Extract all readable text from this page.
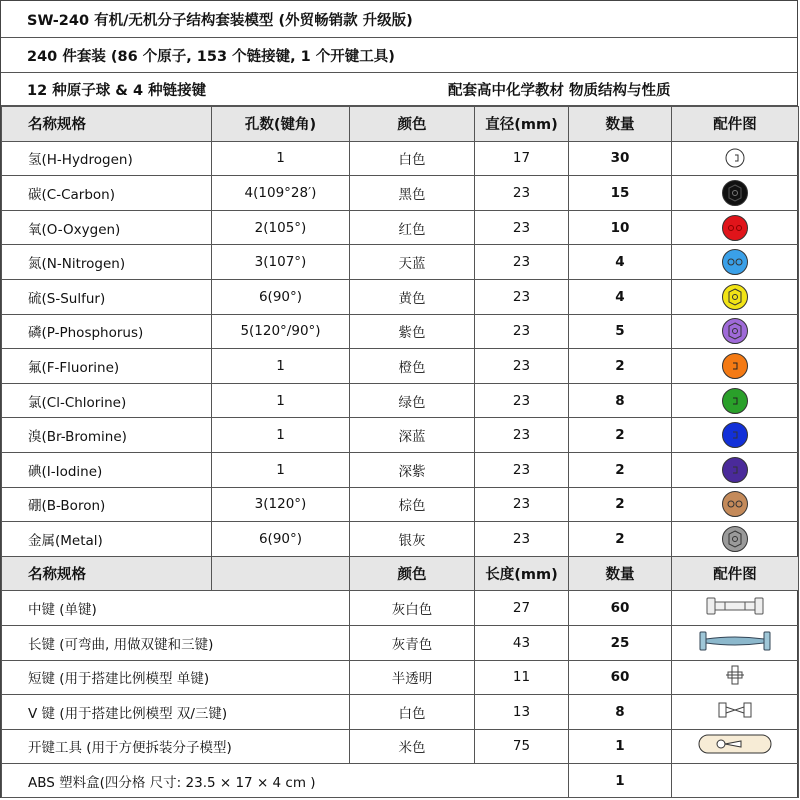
SW-240 有机/无机分子结构套装模型 (外贸畅销款 升级版)
240 件套装 (86 个原子, 153 个链接键, 1 个开键工具)
12 种原子球 & 4 种链接键	配套高中化学教材 物质结构与性质
名称规格	孔数(键角)	颜色	直径(mm)	数量	配件图
氢(H-Hydrogen)	1	白色	17	30	

碳(C-Carbon)	4(109°28′)	黑色	23	15	

氧(O-Oxygen)	2(105°)	红色	23	10	

氮(N-Nitrogen)	3(107°)	天蓝	23	4	

硫(S-Sulfur)	6(90°)	黄色	23	4	

磷(P-Phosphorus)	5(120°/90°)	紫色	23	5	

氟(F-Fluorine)	1	橙色	23	2	

氯(Cl-Chlorine)	1	绿色	23	8	

溴(Br-Bromine)	1	深蓝	23	2	

碘(I-Iodine)	1	深紫	23	2	

硼(B-Boron)	3(120°)	棕色	23	2	

金属(Metal)	6(90°)	银灰	23	2	

名称规格		颜色	长度(mm)	数量	配件图
中键 (单键)		灰白色	27	60	

长键 (可弯曲, 用做双键和三键)		灰青色	43	25	

短键 (用于搭建比例模型 单键)		半透明	11	60	

V 键 (用于搭建比例模型 双/三键)		白色	13	8	

开键工具 (用于方便拆装分子模型)		米色	75	1	

ABS 塑料盒(四分格 尺寸: 23.5 × 17 × 4 cm )				1	
